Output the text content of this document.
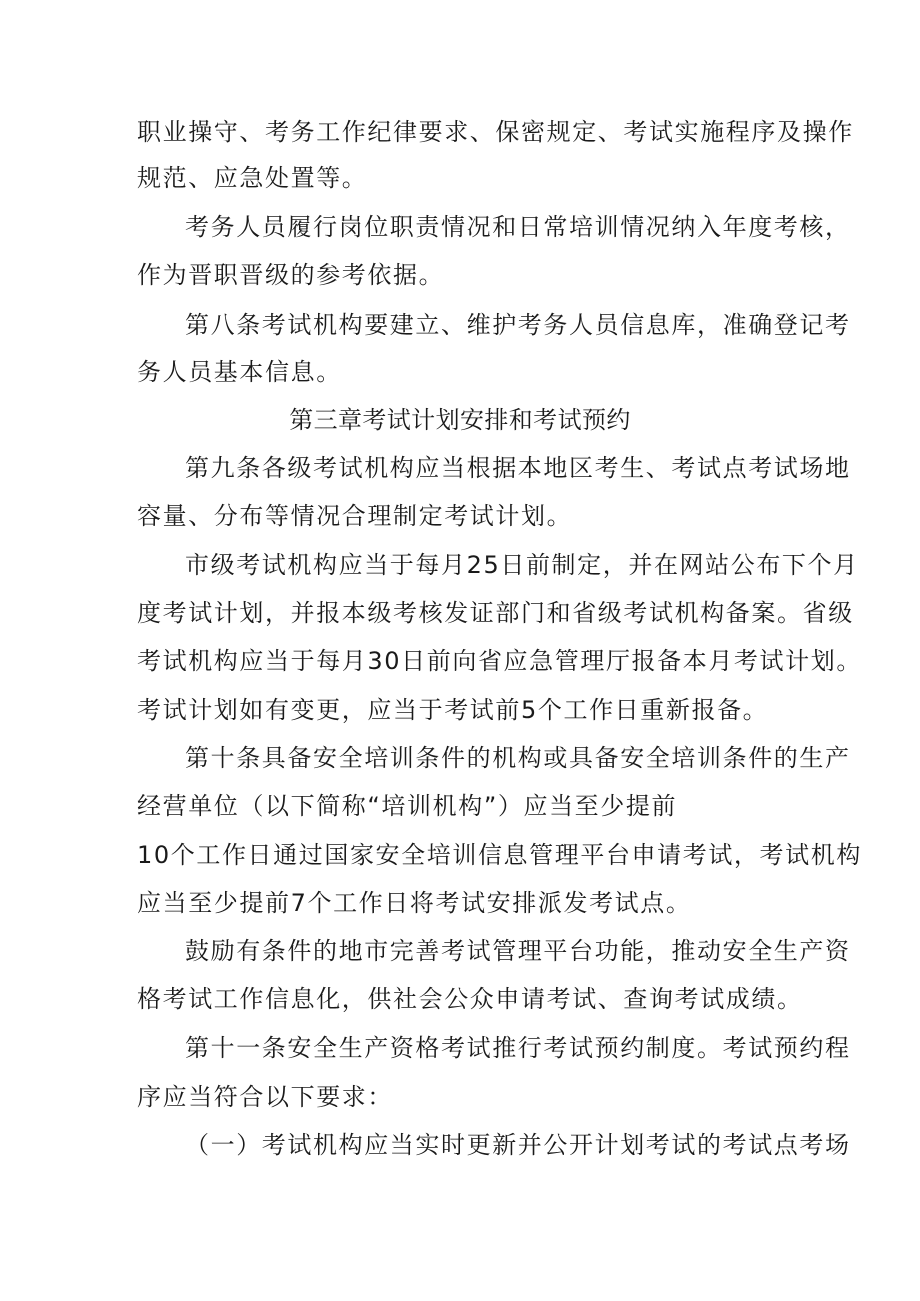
职业操守、考务工作纪律要求、保密规定、考试实施程序及操作
规范、应急处置等。
考务人员履行岗位职责情况和日常培训情况纳入年度考核，
作为晋职晋级的参考依据。
第八条考试机构要建立、维护考务人员信息库，准确登记考
务人员基本信息。
第三章考试计划安排和考试预约
第九条各级考试机构应当根据本地区考生、考试点考试场地
容量、分布等情况合理制定考试计划。
市级考试机构应当于每月25日前制定，并在网站公布下个月
度考试计划，并报本级考核发证部门和省级考试机构备案。省级
考试机构应当于每月30日前向省应急管理厅报备本月考试计划。
考试计划如有变更，应当于考试前5个工作日重新报备。
第十条具备安全培训条件的机构或具备安全培训条件的生产
经营单位（以下简称“培训机构”）应当至少提前
10个工作日通过国家安全培训信息管理平台申请考试，考试机构
应当至少提前7个工作日将考试安排派发考试点。
鼓励有条件的地市完善考试管理平台功能，推动安全生产资
格考试工作信息化，供社会公众申请考试、查询考试成绩。
第十一条安全生产资格考试推行考试预约制度。考试预约程
序应当符合以下要求：
（一）考试机构应当实时更新并公开计划考试的考试点考场
